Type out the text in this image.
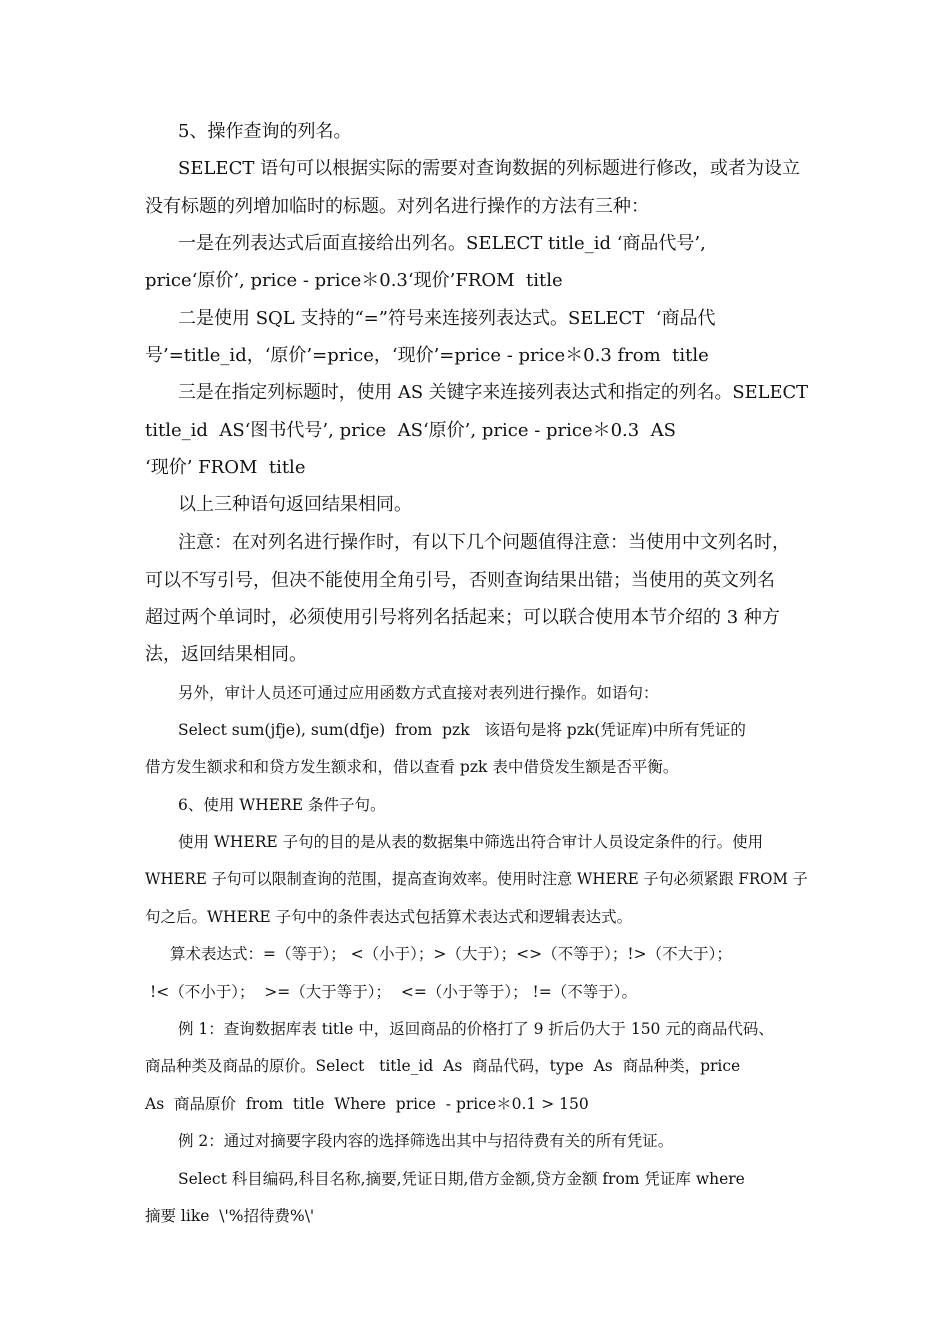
5、操作查询的列名。
SELECT 语句可以根据实际的需要对查询数据的列标题进行修改，或者为设立
没有标题的列增加临时的标题。对列名进行操作的方法有三种：
一是在列表达式后面直接给出列名。SELECT title_id ‘商品代号’,
price‘原价’, price - price＊0.3‘现价’FROM  title
二是使用 SQL 支持的“=”符号来连接列表达式。SELECT  ‘商品代
号’=title_id，‘原价’=price，‘现价’=price - price＊0.3 from  title
三是在指定列标题时，使用 AS 关键字来连接列表达式和指定的列名。SELECT
title_id  AS‘图书代号’, price  AS‘原价’, price - price＊0.3  AS
‘现价’ FROM  title
以上三种语句返回结果相同。
注意：在对列名进行操作时，有以下几个问题值得注意：当使用中文列名时，
可以不写引号，但决不能使用全角引号，否则查询结果出错；当使用的英文列名
超过两个单词时，必须使用引号将列名括起来；可以联合使用本节介绍的 3 种方
法，返回结果相同。
另外，审计人员还可通过应用函数方式直接对表列进行操作。如语句：
Select sum(jfje), sum(dfje)  from  pzk   该语句是将 pzk(凭证库)中所有凭证的
借方发生额求和和贷方发生额求和，借以查看 pzk 表中借贷发生额是否平衡。
6、使用 WHERE 条件子句。
使用 WHERE 子句的目的是从表的数据集中筛选出符合审计人员设定条件的行。使用
WHERE 子句可以限制查询的范围，提高查询效率。使用时注意 WHERE 子句必须紧跟 FROM 子
句之后。WHERE 子句中的条件表达式包括算术表达式和逻辑表达式。
算术表达式：=（等于）； <（小于）；>（大于）；<>（不等于）；!>（不大于）；
!<（不小于）；  >=（大于等于）；  <=（小于等于）； !=（不等于）。
例 1：查询数据库表 title 中，返回商品的价格打了 9 折后仍大于 150 元的商品代码、
商品种类及商品的原价。Select   title_id  As  商品代码，type  As  商品种类，price
As  商品原价  from  title  Where  price  - price＊0.1 > 150
例 2：通过对摘要字段内容的选择筛选出其中与招待费有关的所有凭证。
Select 科目编码,科目名称,摘要,凭证日期,借方金额,贷方金额 from 凭证库 where
摘要 like  \'%招待费%\'
